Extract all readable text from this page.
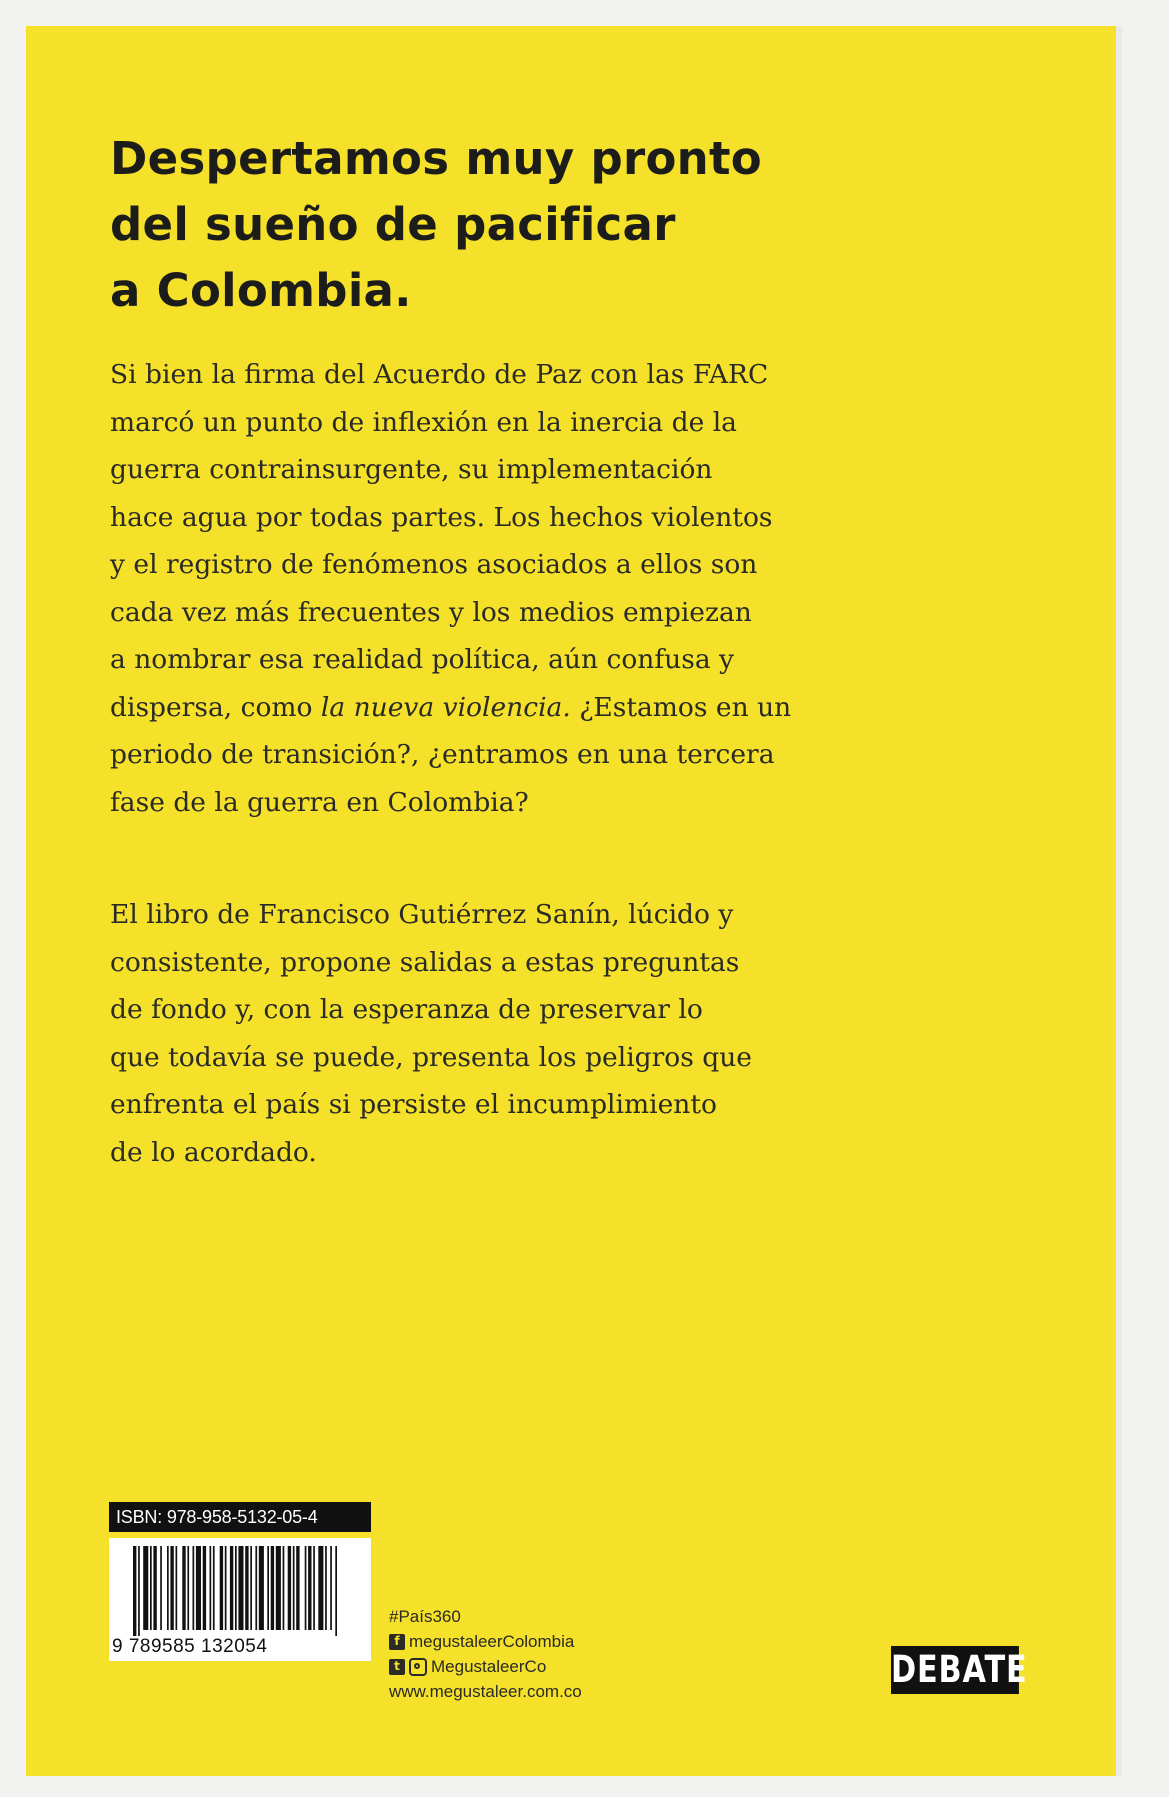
Despertamos muy pronto
del sueño de pacificar
a Colombia.

Si bien la firma del Acuerdo de Paz con las FARC
marcó un punto de inflexión en la inercia de la
guerra contrainsurgente, su implementación
hace agua por todas partes. Los hechos violentos
y el registro de fenómenos asociados a ellos son
cada vez más frecuentes y los medios empiezan
a nombrar esa realidad política, aún confusa y
dispersa, como la nueva violencia. ¿Estamos en un
periodo de transición?, ¿entramos en una tercera
fase de la guerra en Colombia?

El libro de Francisco Gutiérrez Sanín, lúcido y
consistente, propone salidas a estas preguntas
de fondo y, con la esperanza de preservar lo
que todavía se puede, presenta los peligros que
enfrenta el país si persiste el incumplimiento
de lo acordado.

ISBN: 978-958-5132-05-4
9 789585 132054
#País360
f megustaleerColombia
t	MegustaleerCo
www.megustaleer.com.co
DEBATE
